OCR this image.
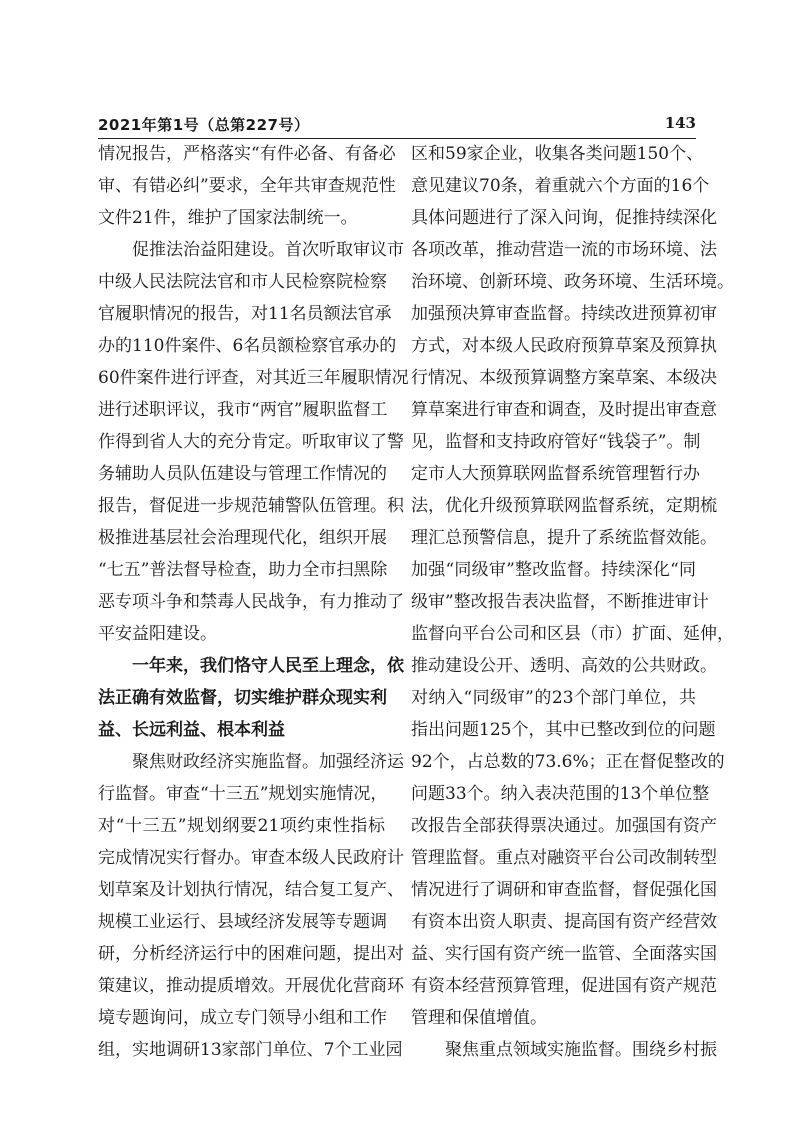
2021年第1号（总第227号）	143
情况报告，严格落实“有件必备、有备必
审、有错必纠”要求，全年共审查规范性
文件21件，维护了国家法制统一。
促推法治益阳建设。首次听取审议市
中级人民法院法官和市人民检察院检察
官履职情况的报告，对11名员额法官承
办的110件案件、6名员额检察官承办的
60件案件进行评查，对其近三年履职情况
进行述职评议，我市“两官”履职监督工
作得到省人大的充分肯定。听取审议了警
务辅助人员队伍建设与管理工作情况的
报告，督促进一步规范辅警队伍管理。积
极推进基层社会治理现代化，组织开展
“七五”普法督导检查，助力全市扫黑除
恶专项斗争和禁毒人民战争，有力推动了
平安益阳建设。
一年来，我们恪守人民至上理念，依
法正确有效监督，切实维护群众现实利
益、长远利益、根本利益
聚焦财政经济实施监督。加强经济运
行监督。审查“十三五”规划实施情况，
对“十三五”规划纲要21项约束性指标
完成情况实行督办。审查本级人民政府计
划草案及计划执行情况，结合复工复产、
规模工业运行、县域经济发展等专题调
研，分析经济运行中的困难问题，提出对
策建议，推动提质增效。开展优化营商环
境专题询问，成立专门领导小组和工作
组，实地调研13家部门单位、7个工业园
区和59家企业，收集各类问题150个、
意见建议70条，着重就六个方面的16个
具体问题进行了深入问询，促推持续深化
各项改革，推动营造一流的市场环境、法
治环境、创新环境、政务环境、生活环境。
加强预决算审查监督。持续改进预算初审
方式，对本级人民政府预算草案及预算执
行情况、本级预算调整方案草案、本级决
算草案进行审查和调查，及时提出审查意
见，监督和支持政府管好“钱袋子”。制
定市人大预算联网监督系统管理暂行办
法，优化升级预算联网监督系统，定期梳
理汇总预警信息，提升了系统监督效能。
加强“同级审”整改监督。持续深化“同
级审”整改报告表决监督，不断推进审计
监督向平台公司和区县（市）扩面、延伸，
推动建设公开、透明、高效的公共财政。
对纳入“同级审”的23个部门单位，共
指出问题125个，其中已整改到位的问题
92个，占总数的73.6%；正在督促整改的
问题33个。纳入表决范围的13个单位整
改报告全部获得票决通过。加强国有资产
管理监督。重点对融资平台公司改制转型
情况进行了调研和审查监督，督促强化国
有资本出资人职责、提高国有资产经营效
益、实行国有资产统一监管、全面落实国
有资本经营预算管理，促进国有资产规范
管理和保值增值。
聚焦重点领域实施监督。围绕乡村振
